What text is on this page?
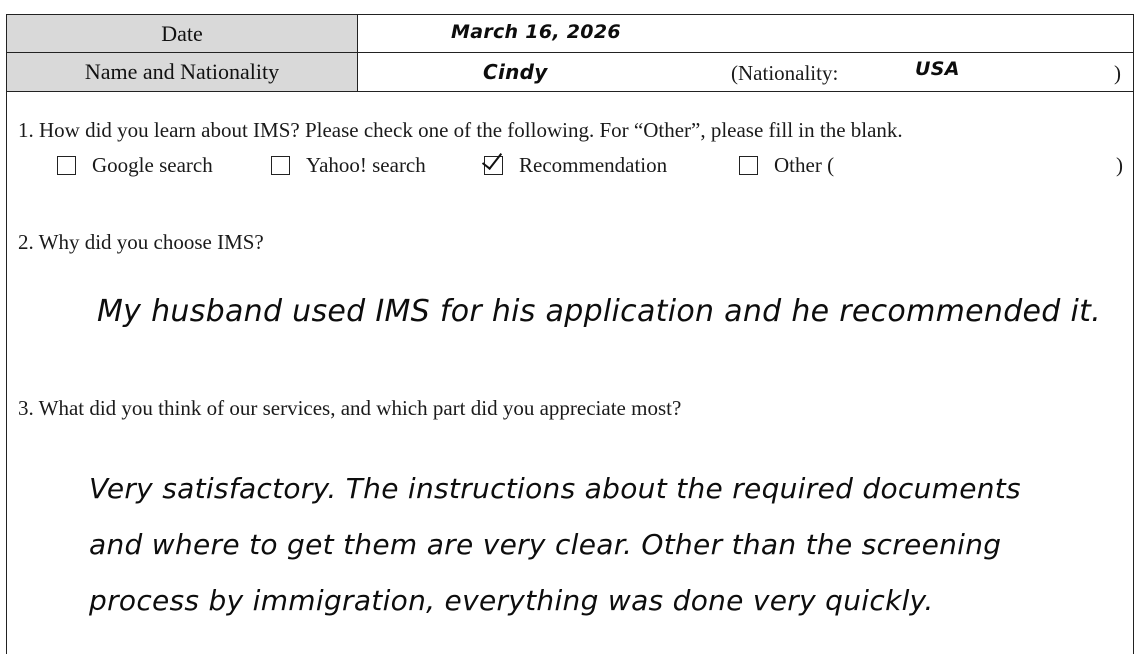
Date	March 16, 2026
Name and Nationality	Cindy	(Nationality:	USA	)
1. How did you learn about IMS? Please check one of the following. For “Other”, please fill in the blank.
Google search	Yahoo! search	Recommendation	Other (	)
2. Why did you choose IMS?
My husband used IMS for his application and he recommended it.
3. What did you think of our services, and which part did you appreciate most?
Very satisfactory. The instructions about the required documents
and where to get them are very clear. Other than the screening
process by immigration, everything was done very quickly.
